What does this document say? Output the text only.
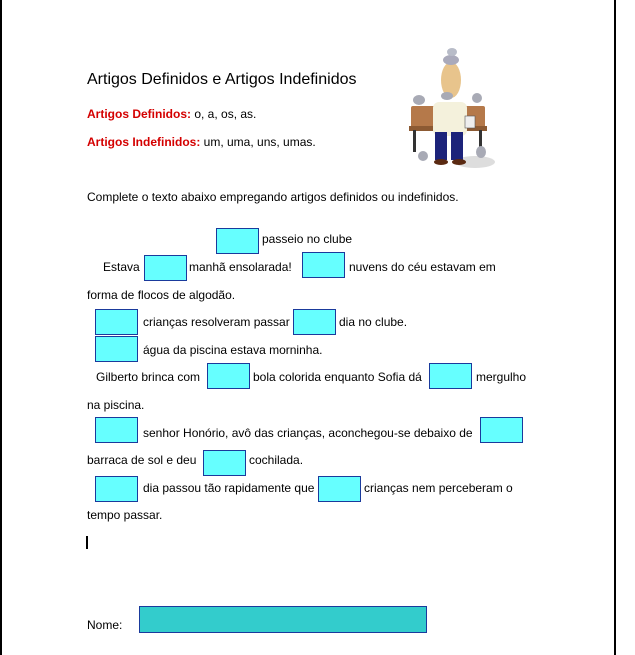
Artigos Definidos e Artigos Indefinidos
Artigos Definidos: o, a, os, as.
Artigos Indefinidos: um, uma, uns, umas.
Complete o texto abaixo empregando artigos definidos ou indefinidos.
passeio no clube
Estava	manhã ensolarada!	nuvens do céu estavam em
forma de flocos de algodão.
crianças resolveram passar	dia no clube.
água da piscina estava morninha.
Gilberto brinca com	bola colorida enquanto Sofia dá	mergulho
na piscina.
senhor Honório, avô das crianças, aconchegou-se debaixo de
barraca de sol e deu	cochilada.
dia passou tão rapidamente que	crianças nem perceberam o
tempo passar.
Nome:
